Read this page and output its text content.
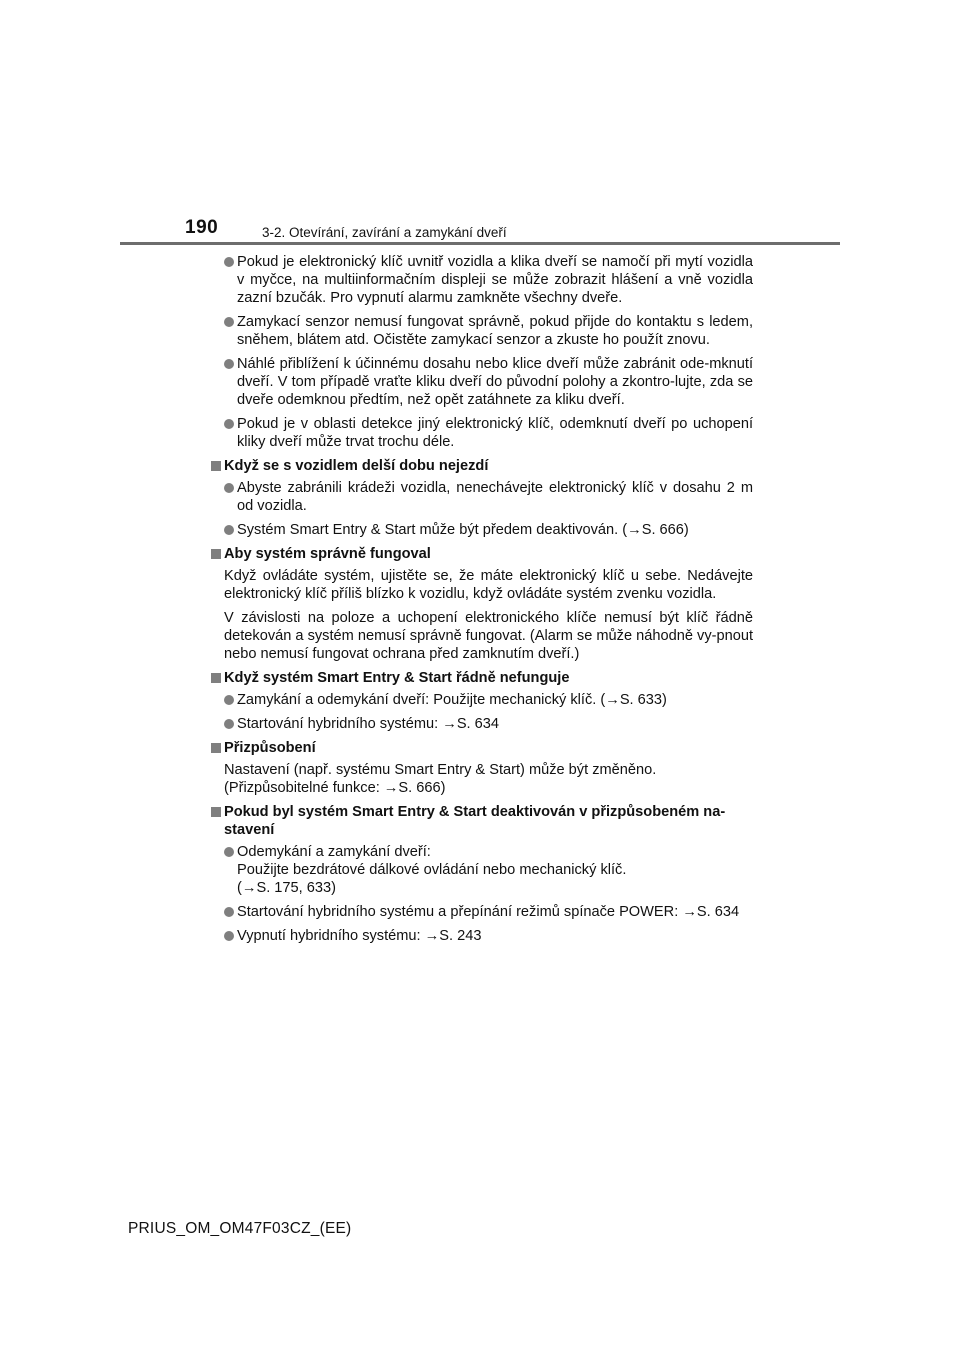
190	3-2. Otevírání, zavírání a zamykání dveří
Pokud je elektronický klíč uvnitř vozidla a klika dveří se namočí při mytí vozidla v myčce, na multiinformačním displeji se může zobrazit hlášení a vně vozidla zazní bzučák. Pro vypnutí alarmu zamkněte všechny dveře.
Zamykací senzor nemusí fungovat správně, pokud přijde do kontaktu s ledem, sněhem, blátem atd. Očistěte zamykací senzor a zkuste ho použít znovu.
Náhlé přiblížení k účinnému dosahu nebo klice dveří může zabránit ode-mknutí dveří. V tom případě vraťte kliku dveří do původní polohy a zkontro-lujte, zda se dveře odemknou předtím, než opět zatáhnete za kliku dveří.
Pokud je v oblasti detekce jiný elektronický klíč, odemknutí dveří po uchopení kliky dveří může trvat trochu déle.
Když se s vozidlem delší dobu nejezdí
Abyste zabránili krádeži vozidla, nenechávejte elektronický klíč v dosahu 2 m od vozidla.
Systém Smart Entry & Start může být předem deaktivován. (→S. 666)
Aby systém správně fungoval
Když ovládáte systém, ujistěte se, že máte elektronický klíč u sebe. Nedávejte elektronický klíč příliš blízko k vozidlu, když ovládáte systém zvenku vozidla.
V závislosti na poloze a uchopení elektronického klíče nemusí být klíč řádně detekován a systém nemusí správně fungovat. (Alarm se může náhodně vy-pnout nebo nemusí fungovat ochrana před zamknutím dveří.)
Když systém Smart Entry & Start řádně nefunguje
Zamykání a odemykání dveří: Použijte mechanický klíč. (→S. 633)
Startování hybridního systému: →S. 634
Přizpůsobení
Nastavení (např. systému Smart Entry & Start) může být změněno.
(Přizpůsobitelné funkce: →S. 666)
Pokud byl systém Smart Entry & Start deaktivován v přizpůsobeném na-stavení
Odemykání a zamykání dveří:
Použijte bezdrátové dálkové ovládání nebo mechanický klíč.
(→S. 175, 633)
Startování hybridního systému a přepínání režimů spínače POWER: →S. 634
Vypnutí hybridního systému: →S. 243
PRIUS_OM_OM47F03CZ_(EE)
